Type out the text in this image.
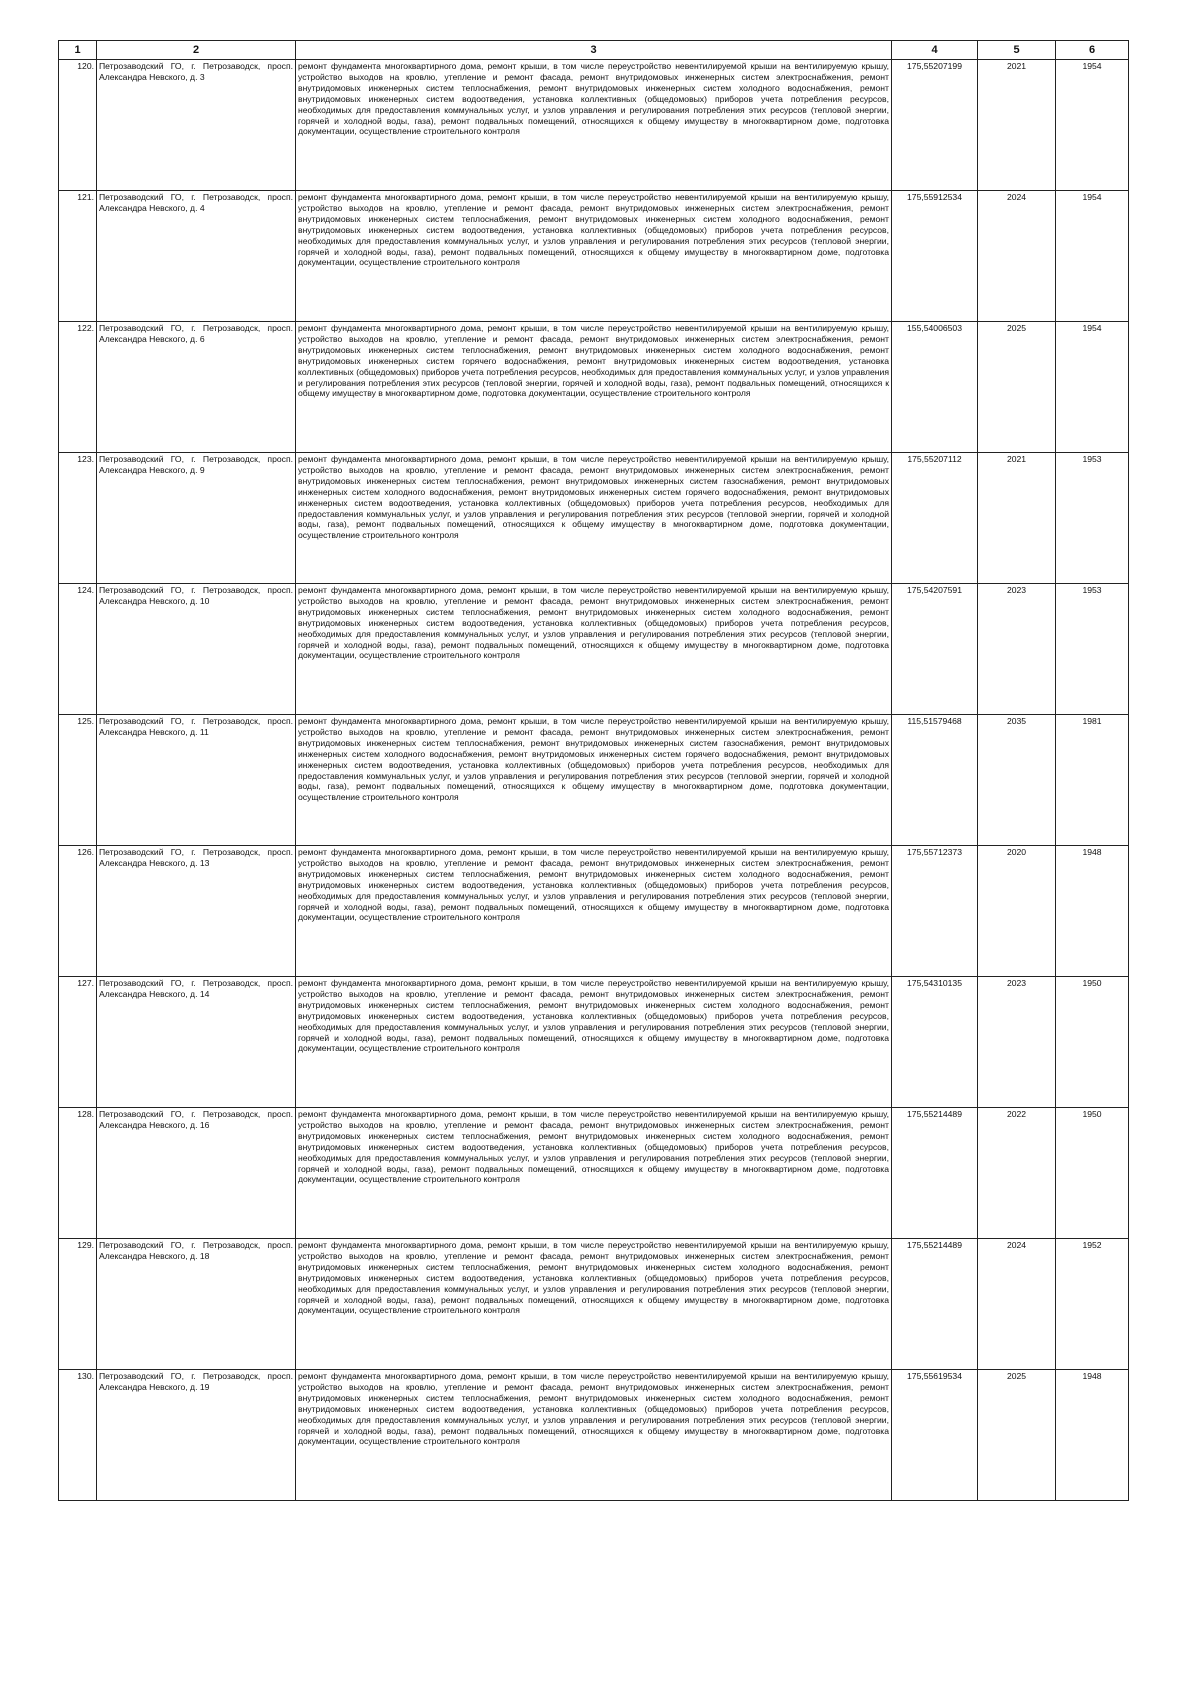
1	2	3	4	5	6
120.	Петрозаводский ГО, г. Петрозаводск, просп. Александра Невского, д. 3	ремонт фундамента многоквартирного дома, ремонт крыши, в том числе переустройство невентилируемой крыши на вентилируемую крышу, устройство выходов на кровлю, утепление и ремонт фасада, ремонт внутридомовых инженерных систем электроснабжения, ремонт внутридомовых инженерных систем теплоснабжения, ремонт внутридомовых инженерных систем холодного водоснабжения, ремонт внутридомовых инженерных систем водоотведения, установка коллективных (общедомовых) приборов учета потребления ресурсов, необходимых для предоставления коммунальных услуг, и узлов управления и регулирования потребления этих ресурсов (тепловой энергии, горячей и холодной воды, газа), ремонт подвальных помещений, относящихся к общему имуществу в многоквартирном доме, подготовка документации, осуществление строительного контроля	175,55207199	2021	1954
121.	Петрозаводский ГО, г. Петрозаводск, просп. Александра Невского, д. 4	ремонт фундамента многоквартирного дома, ремонт крыши, в том числе переустройство невентилируемой крыши на вентилируемую крышу, устройство выходов на кровлю, утепление и ремонт фасада, ремонт внутридомовых инженерных систем электроснабжения, ремонт внутридомовых инженерных систем теплоснабжения, ремонт внутридомовых инженерных систем холодного водоснабжения, ремонт внутридомовых инженерных систем водоотведения, установка коллективных (общедомовых) приборов учета потребления ресурсов, необходимых для предоставления коммунальных услуг, и узлов управления и регулирования потребления этих ресурсов (тепловой энергии, горячей и холодной воды, газа), ремонт подвальных помещений, относящихся к общему имуществу в многоквартирном доме, подготовка документации, осуществление строительного контроля	175,55912534	2024	1954
122.	Петрозаводский ГО, г. Петрозаводск, просп. Александра Невского, д. 6	ремонт фундамента многоквартирного дома, ремонт крыши, в том числе переустройство невентилируемой крыши на вентилируемую крышу, устройство выходов на кровлю, утепление и ремонт фасада, ремонт внутридомовых инженерных систем электроснабжения, ремонт внутридомовых инженерных систем теплоснабжения, ремонт внутридомовых инженерных систем холодного водоснабжения, ремонт внутридомовых инженерных систем горячего водоснабжения, ремонт внутридомовых инженерных систем водоотведения, установка коллективных (общедомовых) приборов учета потребления ресурсов, необходимых для предоставления коммунальных услуг, и узлов управления и регулирования потребления этих ресурсов (тепловой энергии, горячей и холодной воды, газа), ремонт подвальных помещений, относящихся к общему имуществу в многоквартирном доме, подготовка документации, осуществление строительного контроля	155,54006503	2025	1954
123.	Петрозаводский ГО, г. Петрозаводск, просп. Александра Невского, д. 9	ремонт фундамента многоквартирного дома, ремонт крыши, в том числе переустройство невентилируемой крыши на вентилируемую крышу, устройство выходов на кровлю, утепление и ремонт фасада, ремонт внутридомовых инженерных систем электроснабжения, ремонт внутридомовых инженерных систем теплоснабжения, ремонт внутридомовых инженерных систем газоснабжения, ремонт внутридомовых инженерных систем холодного водоснабжения, ремонт внутридомовых инженерных систем горячего водоснабжения, ремонт внутридомовых инженерных систем водоотведения, установка коллективных (общедомовых) приборов учета потребления ресурсов, необходимых для предоставления коммунальных услуг, и узлов управления и регулирования потребления этих ресурсов (тепловой энергии, горячей и холодной воды, газа), ремонт подвальных помещений, относящихся к общему имуществу в многоквартирном доме, подготовка документации, осуществление строительного контроля	175,55207112	2021	1953
124.	Петрозаводский ГО, г. Петрозаводск, просп. Александра Невского, д. 10	ремонт фундамента многоквартирного дома, ремонт крыши, в том числе переустройство невентилируемой крыши на вентилируемую крышу, устройство выходов на кровлю, утепление и ремонт фасада, ремонт внутридомовых инженерных систем электроснабжения, ремонт внутридомовых инженерных систем теплоснабжения, ремонт внутридомовых инженерных систем холодного водоснабжения, ремонт внутридомовых инженерных систем водоотведения, установка коллективных (общедомовых) приборов учета потребления ресурсов, необходимых для предоставления коммунальных услуг, и узлов управления и регулирования потребления этих ресурсов (тепловой энергии, горячей и холодной воды, газа), ремонт подвальных помещений, относящихся к общему имуществу в многоквартирном доме, подготовка документации, осуществление строительного контроля	175,54207591	2023	1953
125.	Петрозаводский ГО, г. Петрозаводск, просп. Александра Невского, д. 11	ремонт фундамента многоквартирного дома, ремонт крыши, в том числе переустройство невентилируемой крыши на вентилируемую крышу, устройство выходов на кровлю, утепление и ремонт фасада, ремонт внутридомовых инженерных систем электроснабжения, ремонт внутридомовых инженерных систем теплоснабжения, ремонт внутридомовых инженерных систем газоснабжения, ремонт внутридомовых инженерных систем холодного водоснабжения, ремонт внутридомовых инженерных систем горячего водоснабжения, ремонт внутридомовых инженерных систем водоотведения, установка коллективных (общедомовых) приборов учета потребления ресурсов, необходимых для предоставления коммунальных услуг, и узлов управления и регулирования потребления этих ресурсов (тепловой энергии, горячей и холодной воды, газа), ремонт подвальных помещений, относящихся к общему имуществу в многоквартирном доме, подготовка документации, осуществление строительного контроля	115,51579468	2035	1981
126.	Петрозаводский ГО, г. Петрозаводск, просп. Александра Невского, д. 13	ремонт фундамента многоквартирного дома, ремонт крыши, в том числе переустройство невентилируемой крыши на вентилируемую крышу, устройство выходов на кровлю, утепление и ремонт фасада, ремонт внутридомовых инженерных систем электроснабжения, ремонт внутридомовых инженерных систем теплоснабжения, ремонт внутридомовых инженерных систем холодного водоснабжения, ремонт внутридомовых инженерных систем водоотведения, установка коллективных (общедомовых) приборов учета потребления ресурсов, необходимых для предоставления коммунальных услуг, и узлов управления и регулирования потребления этих ресурсов (тепловой энергии, горячей и холодной воды, газа), ремонт подвальных помещений, относящихся к общему имуществу в многоквартирном доме, подготовка документации, осуществление строительного контроля	175,55712373	2020	1948
127.	Петрозаводский ГО, г. Петрозаводск, просп. Александра Невского, д. 14	ремонт фундамента многоквартирного дома, ремонт крыши, в том числе переустройство невентилируемой крыши на вентилируемую крышу, устройство выходов на кровлю, утепление и ремонт фасада, ремонт внутридомовых инженерных систем электроснабжения, ремонт внутридомовых инженерных систем теплоснабжения, ремонт внутридомовых инженерных систем холодного водоснабжения, ремонт внутридомовых инженерных систем водоотведения, установка коллективных (общедомовых) приборов учета потребления ресурсов, необходимых для предоставления коммунальных услуг, и узлов управления и регулирования потребления этих ресурсов (тепловой энергии, горячей и холодной воды, газа), ремонт подвальных помещений, относящихся к общему имуществу в многоквартирном доме, подготовка документации, осуществление строительного контроля	175,54310135	2023	1950
128.	Петрозаводский ГО, г. Петрозаводск, просп. Александра Невского, д. 16	ремонт фундамента многоквартирного дома, ремонт крыши, в том числе переустройство невентилируемой крыши на вентилируемую крышу, устройство выходов на кровлю, утепление и ремонт фасада, ремонт внутридомовых инженерных систем электроснабжения, ремонт внутридомовых инженерных систем теплоснабжения, ремонт внутридомовых инженерных систем холодного водоснабжения, ремонт внутридомовых инженерных систем водоотведения, установка коллективных (общедомовых) приборов учета потребления ресурсов, необходимых для предоставления коммунальных услуг, и узлов управления и регулирования потребления этих ресурсов (тепловой энергии, горячей и холодной воды, газа), ремонт подвальных помещений, относящихся к общему имуществу в многоквартирном доме, подготовка документации, осуществление строительного контроля	175,55214489	2022	1950
129.	Петрозаводский ГО, г. Петрозаводск, просп. Александра Невского, д. 18	ремонт фундамента многоквартирного дома, ремонт крыши, в том числе переустройство невентилируемой крыши на вентилируемую крышу, устройство выходов на кровлю, утепление и ремонт фасада, ремонт внутридомовых инженерных систем электроснабжения, ремонт внутридомовых инженерных систем теплоснабжения, ремонт внутридомовых инженерных систем холодного водоснабжения, ремонт внутридомовых инженерных систем водоотведения, установка коллективных (общедомовых) приборов учета потребления ресурсов, необходимых для предоставления коммунальных услуг, и узлов управления и регулирования потребления этих ресурсов (тепловой энергии, горячей и холодной воды, газа), ремонт подвальных помещений, относящихся к общему имуществу в многоквартирном доме, подготовка документации, осуществление строительного контроля	175,55214489	2024	1952
130.	Петрозаводский ГО, г. Петрозаводск, просп. Александра Невского, д. 19	ремонт фундамента многоквартирного дома, ремонт крыши, в том числе переустройство невентилируемой крыши на вентилируемую крышу, устройство выходов на кровлю, утепление и ремонт фасада, ремонт внутридомовых инженерных систем электроснабжения, ремонт внутридомовых инженерных систем теплоснабжения, ремонт внутридомовых инженерных систем холодного водоснабжения, ремонт внутридомовых инженерных систем водоотведения, установка коллективных (общедомовых) приборов учета потребления ресурсов, необходимых для предоставления коммунальных услуг, и узлов управления и регулирования потребления этих ресурсов (тепловой энергии, горячей и холодной воды, газа), ремонт подвальных помещений, относящихся к общему имуществу в многоквартирном доме, подготовка документации, осуществление строительного контроля	175,55619534	2025	1948
